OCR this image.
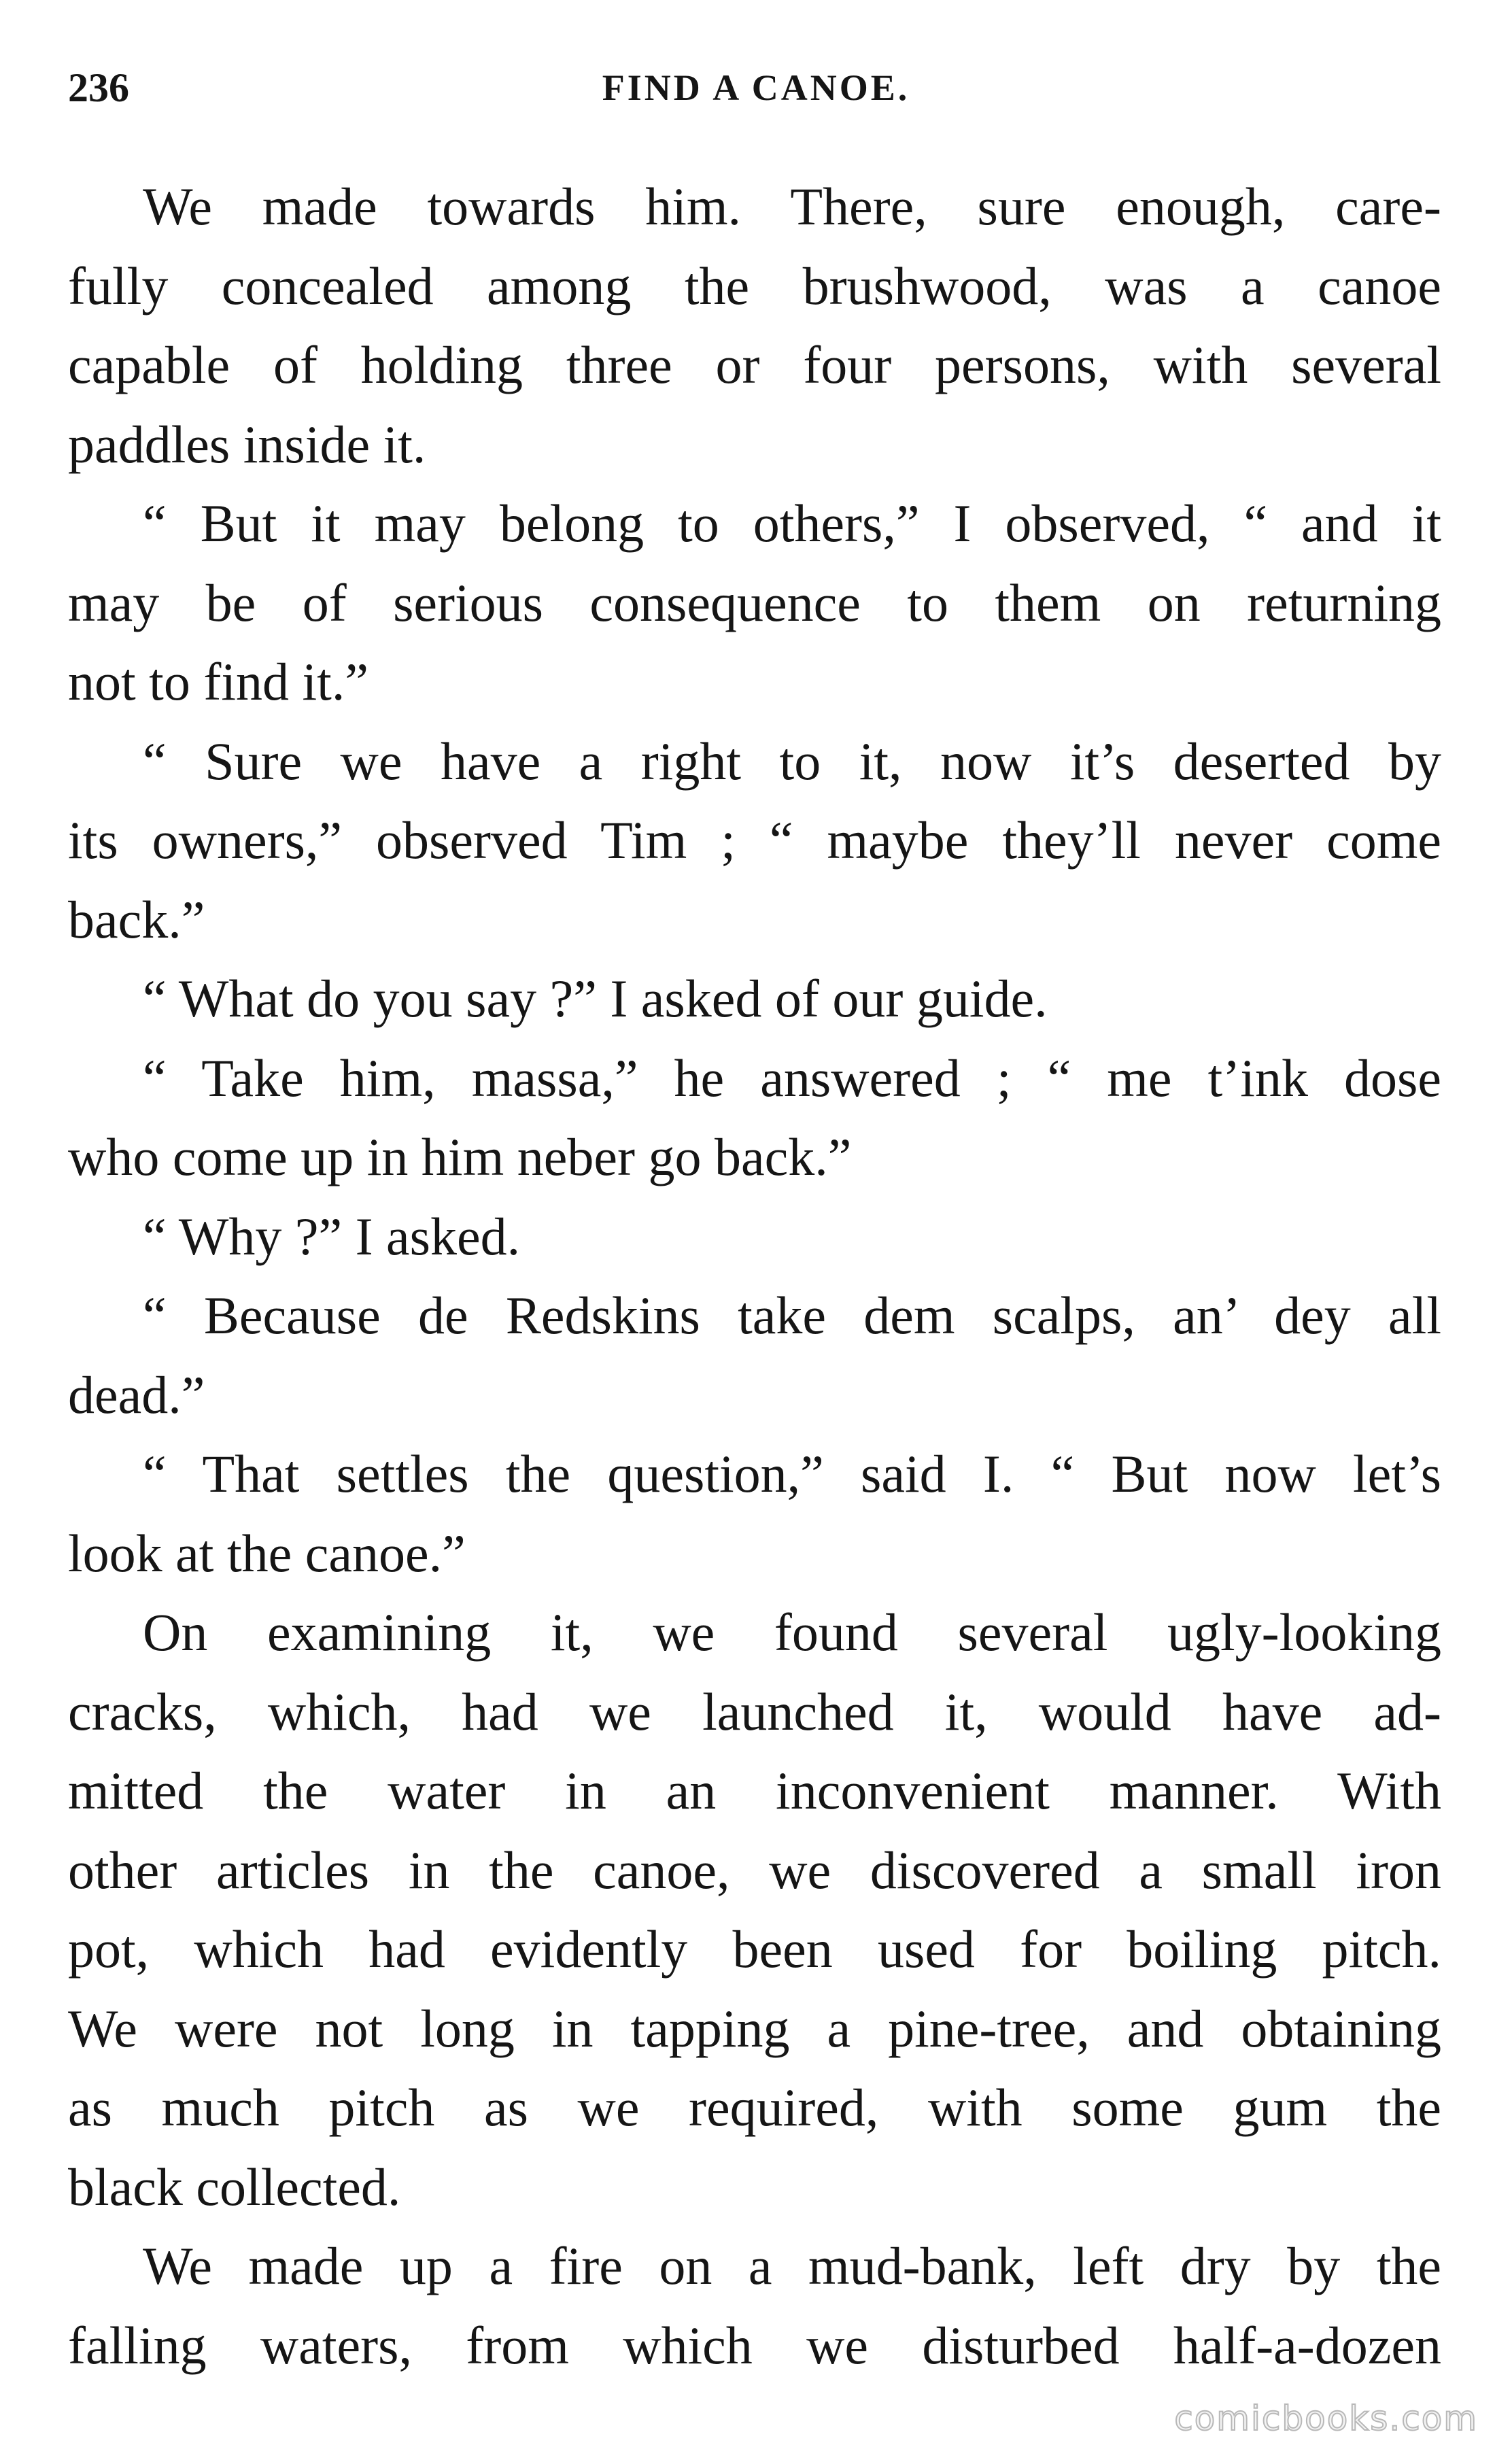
236	FIND A CANOE.

We made towards him. There, sure enough, care-
fully concealed among the brushwood, was a canoe
capable of holding three or four persons, with several
paddles inside it.

“ But it may belong to others,” I observed, “ and it
may be of serious consequence to them on returning
not to find it.”

“ Sure we have a right to it, now it’s deserted by
its owners,” observed Tim ; “ maybe they’ll never come
back.”

“ What do you say ?” I asked of our guide.

“ Take him, massa,” he answered ; “ me t’ink dose
who come up in him neber go back.”

“ Why ?” I asked.

“ Because de Redskins take dem scalps, an’ dey all
dead.”

“ That settles the question,” said I. “ But now let’s
look at the canoe.”

On examining it, we found several ugly-looking
cracks, which, had we launched it, would have ad-
mitted the water in an inconvenient manner. With
other articles in the canoe, we discovered a small iron
pot, which had evidently been used for boiling pitch.
We were not long in tapping a pine-tree, and obtaining
as much pitch as we required, with some gum the
black collected.

We made up a fire on a mud-bank, left dry by the
falling waters, from which we disturbed half-a-dozen

comicbooks.com
